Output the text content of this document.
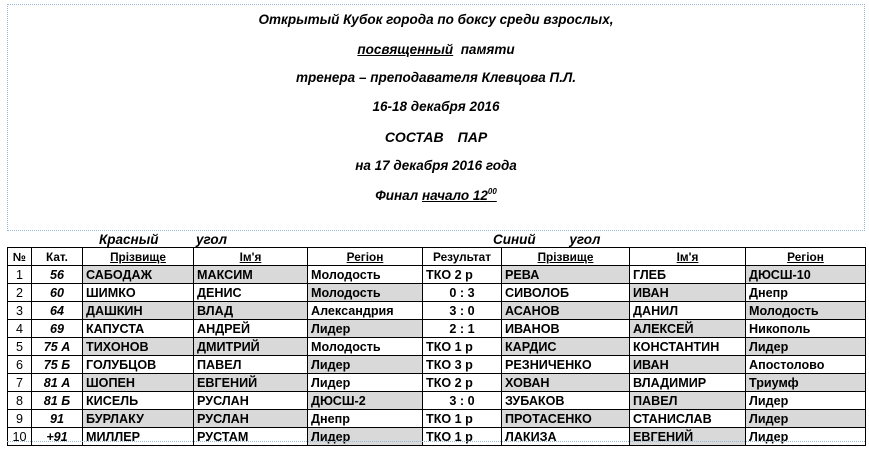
Открытый Кубок города по боксу среди взрослых,
посвященный памяти
тренера – преподавателя Клевцова П.Л.
16-18 декабря 2016
СОСТАВ ПАР
на 17 декабря 2016 года
Финал начало $12^{00}$
Красный          угол	Синий         угол
№	Кат.	Прізвище	Ім'я	Регіон	Результат	Прізвище	Ім'я	Регіон
1	56	САБОДАЖ	МАКСИМ	Молодость	ТКО 2 р	РЕВА	ГЛЕБ	ДЮСШ-10
2	60	ШИМКО	ДЕНИС	Молодость	0 : 3	СИВОЛОБ	ИВАН	Днепр
3	64	ДАШКИН	ВЛАД	Александрия	3 : 0	АСАНОВ	ДАНИЛ	Молодость
4	69	КАПУСТА	АНДРЕЙ	Лидер	2 : 1	ИВАНОВ	АЛЕКСЕЙ	Никополь
5	75 А	ТИХОНОВ	ДМИТРИЙ	Молодость	ТКО 1 р	КАРДИС	КОНСТАНТИН	Лидер
6	75 Б	ГОЛУБЦОВ	ПАВЕЛ	Лидер	ТКО 3 р	РЕЗНИЧЕНКО	ИВАН	Апостолово
7	81 А	ШОПЕН	ЕВГЕНИЙ	Лидер	ТКО 2 р	ХОВАН	ВЛАДИМИР	Триумф
8	81 Б	КИСЕЛЬ	РУСЛАН	ДЮСШ-2	3 : 0	ЗУБАКОВ	ПАВЕЛ	Лидер
9	91	БУРЛАКУ	РУСЛАН	Днепр	ТКО 1 р	ПРОТАСЕНКО	СТАНИСЛАВ	Лидер
10	+91	МИЛЛЕР	РУСТАМ	Лидер	ТКО 1 р	ЛАКИЗА	ЕВГЕНИЙ	Лидер
